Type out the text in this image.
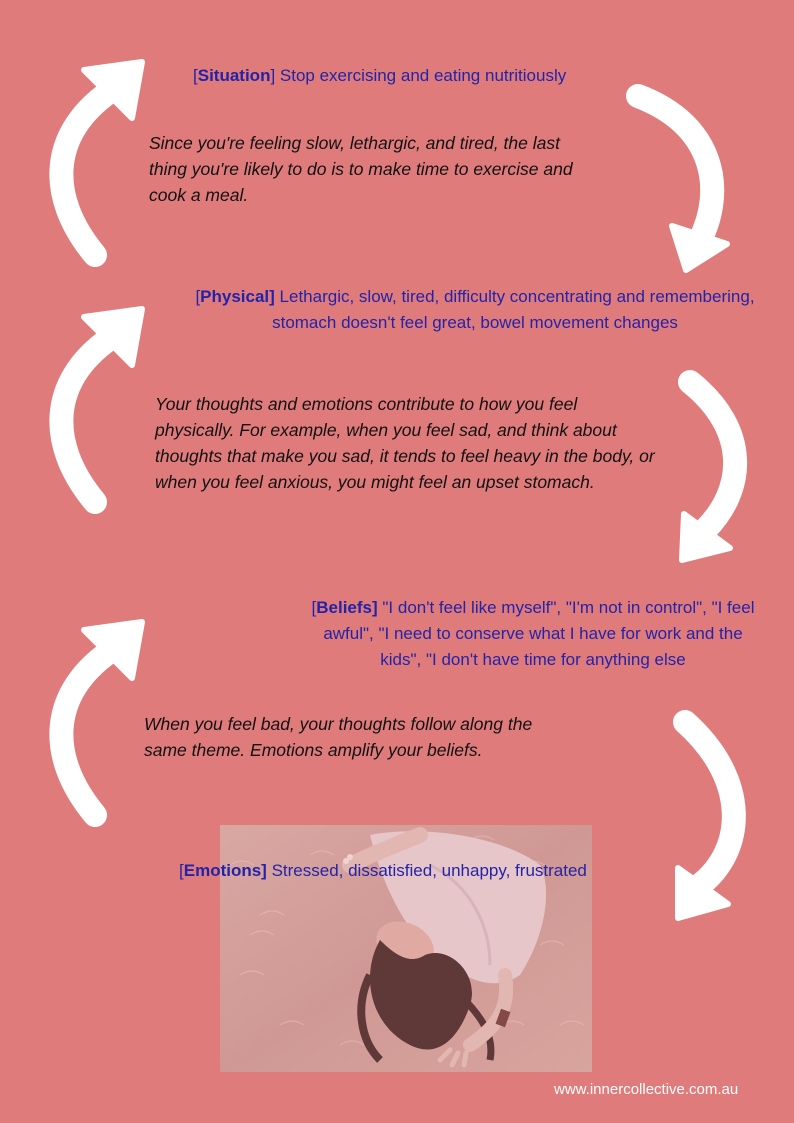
[Situation] Stop exercising and eating nutritiously
Since you're feeling slow, lethargic, and tired, the last thing you're likely to do is to make time to exercise and cook a meal.
[Physical] Lethargic, slow, tired, difficulty concentrating and remembering, stomach doesn't feel great, bowel movement changes
Your thoughts and emotions contribute to how you feel physically. For example, when you feel sad, and think about thoughts that make you sad, it tends to feel heavy in the body, or when you feel anxious, you might feel an upset stomach.
[Beliefs] "I don't feel like myself", "I'm not in control", "I feel awful", "I need to conserve what I have for work and the kids", "I don't have time for anything else
When you feel bad, your thoughts follow along the same theme. Emotions amplify your beliefs.
[Emotions] Stressed, dissatisfied, unhappy, frustrated
www.innercollective.com.au
